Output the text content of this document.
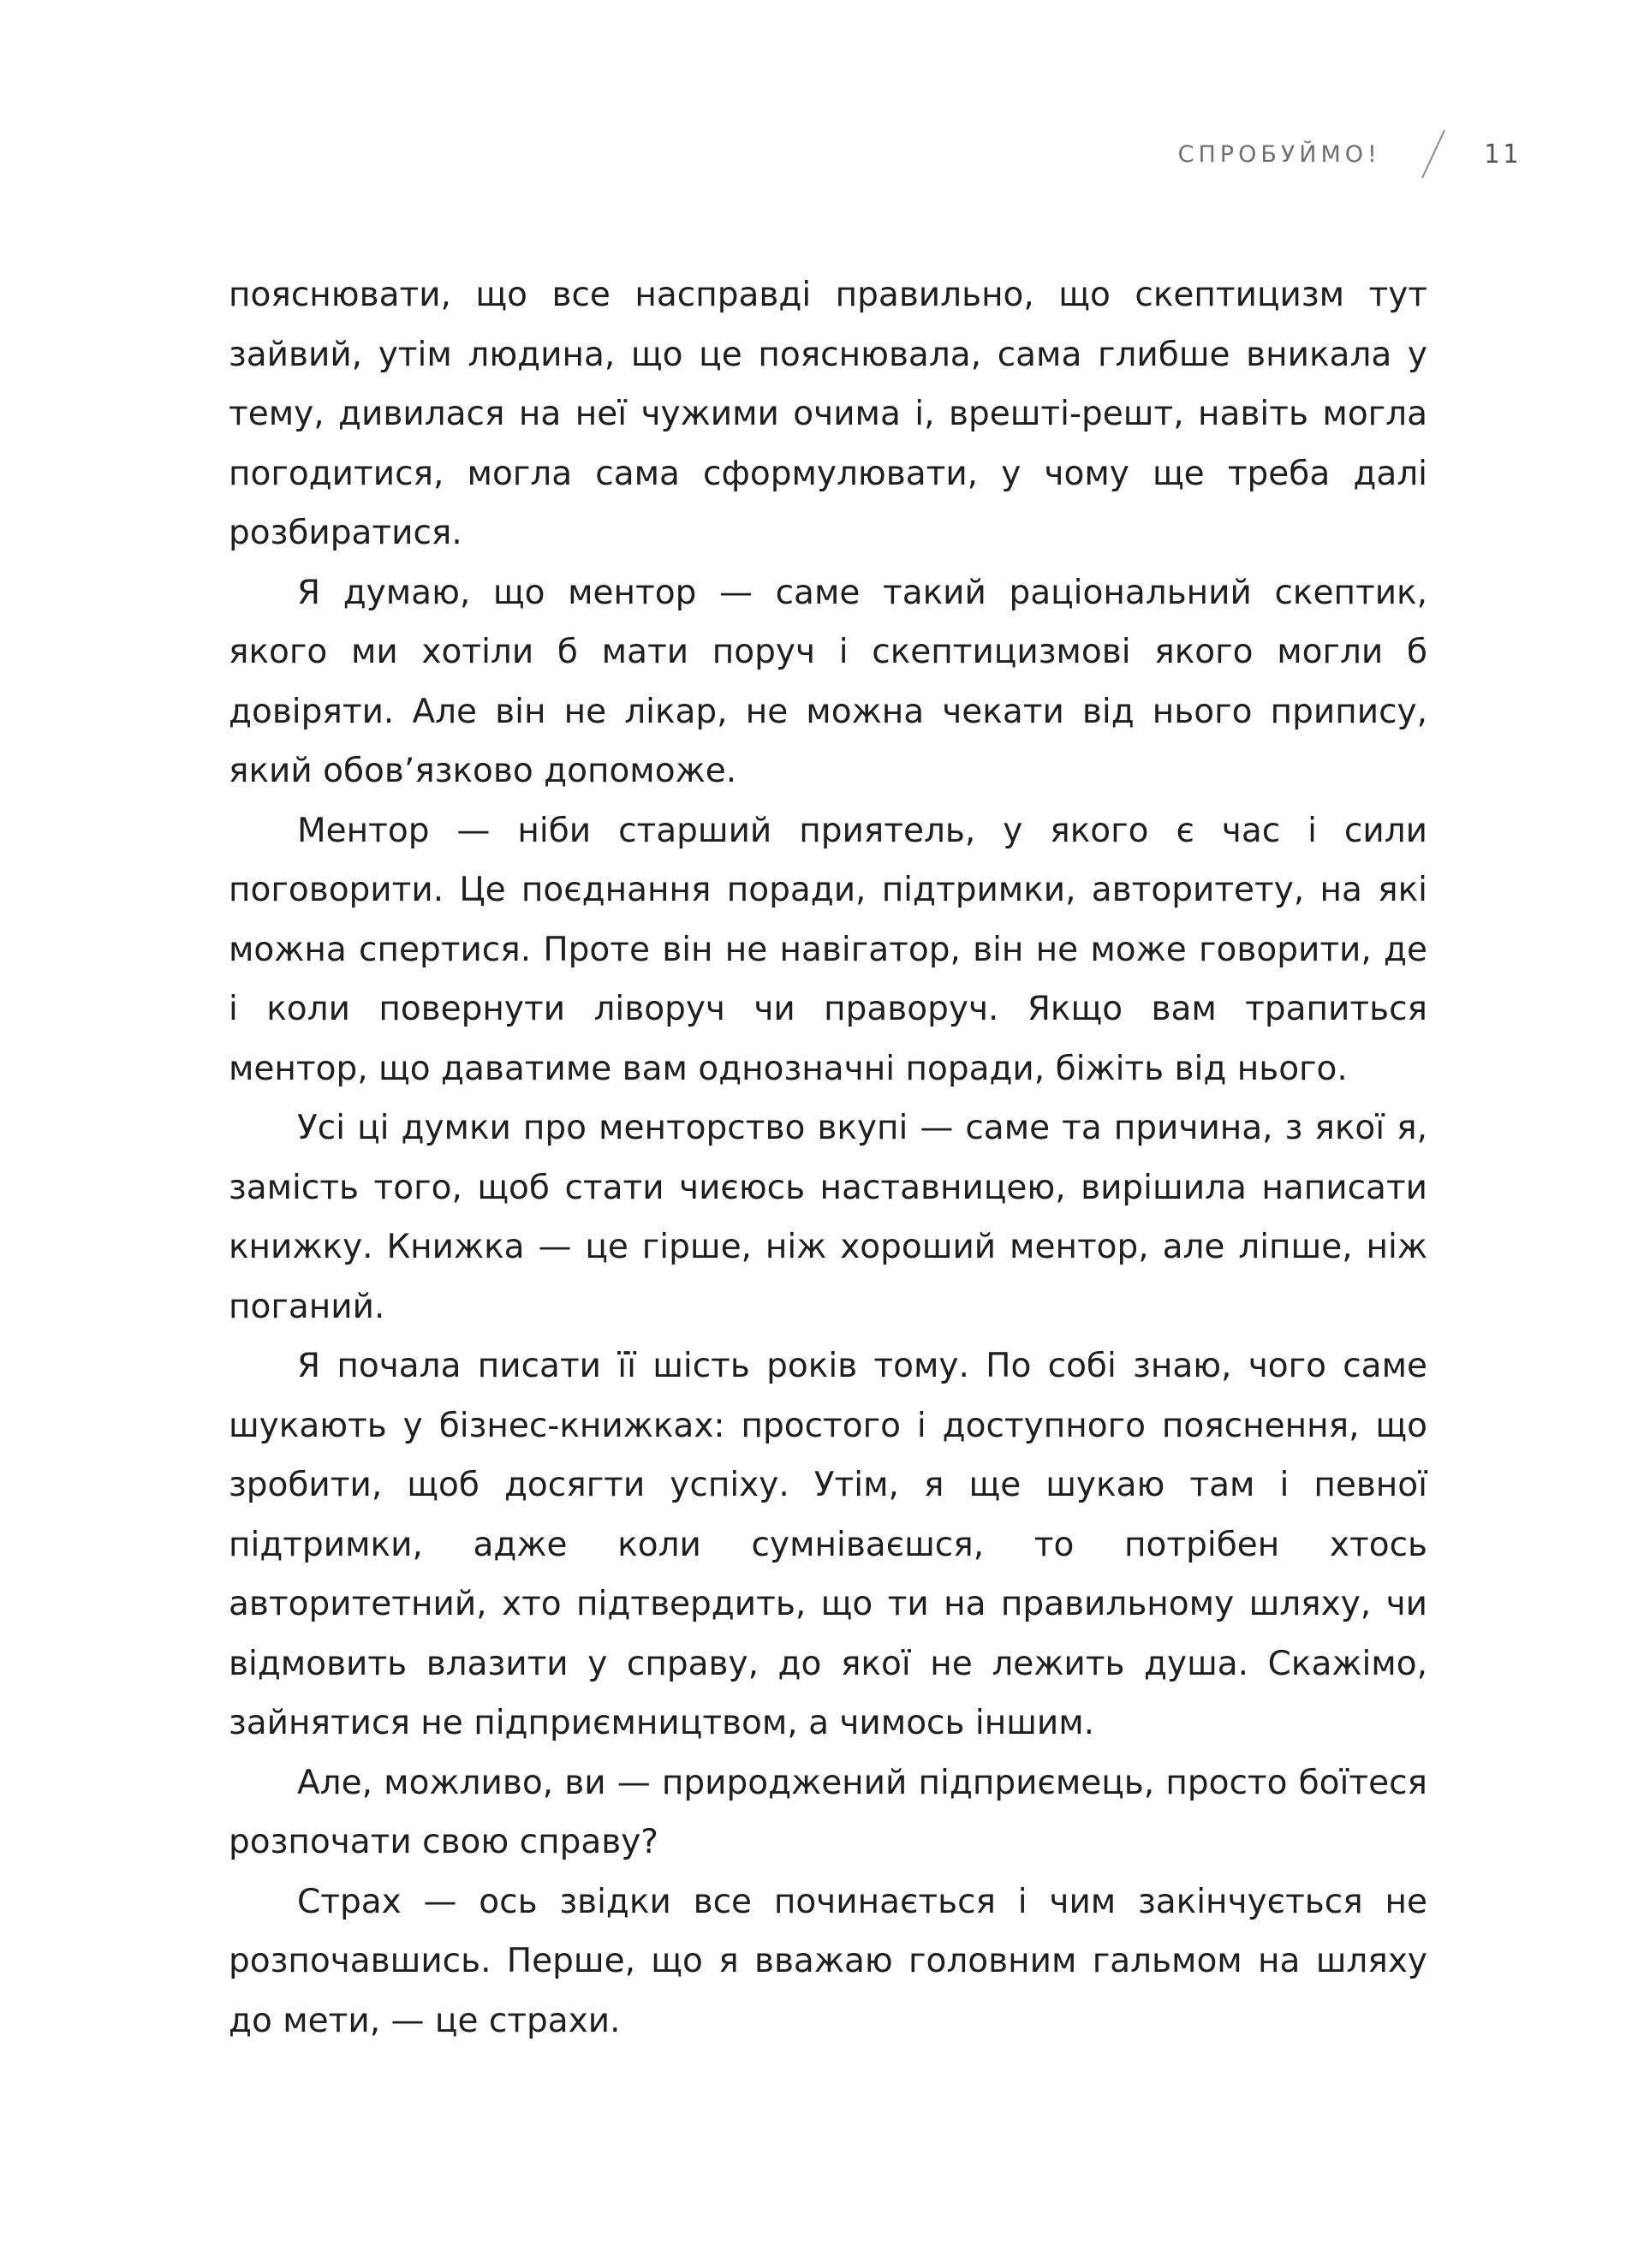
СПРОБУЙМО!	11

пояснювати, що все насправді правильно, що скептицизм тут зайвий, утім людина, що це пояснювала, сама глибше вникала у тему, дивилася на неї чужими очима і, врешті-решт, навіть могла погодитися, могла сама сформулювати, у чому ще треба далі розбиратися.

Я думаю, що ментор — саме такий раціональний скептик, якого ми хотіли б мати поруч і скептицизмові якого могли б довіряти. Але він не лікар, не можна чекати від нього припису, який обов’язково допоможе.

Ментор — ніби старший приятель, у якого є час і сили поговорити. Це поєднання поради, підтримки, авторитету, на які можна спертися. Проте він не навігатор, він не може говорити, де і коли повернути ліворуч чи праворуч. Якщо вам трапиться ментор, що даватиме вам однозначні поради, біжіть від нього.

Усі ці думки про менторство вкупі — саме та причина, з якої я, замість того, щоб стати чиєюсь наставницею, вирішила написати книжку. Книжка — це гірше, ніж хороший ментор, але ліпше, ніж поганий.

Я почала писати її шість років тому. По собі знаю, чого саме шукають у бізнес-книжках: простого і доступного пояснення, що зробити, щоб досягти успіху. Утім, я ще шукаю там і певної підтримки, адже коли сумніваєшся, то потрібен хтось авторитетний, хто підтвердить, що ти на правильному шляху, чи відмовить влазити у справу, до якої не лежить душа. Скажімо, зайнятися не підприємництвом, а чимось іншим.

Але, можливо, ви — природжений підприємець, просто боїтеся розпочати свою справу?

Страх — ось звідки все починається і чим закінчується не розпочавшись. Перше, що я вважаю головним гальмом на шляху до мети, — це страхи.
